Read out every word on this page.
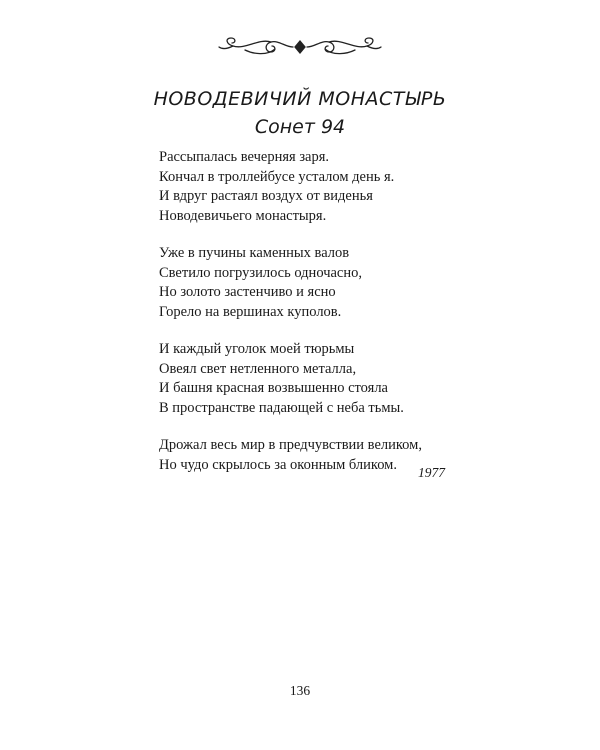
НОВОДЕВИЧИЙ МОНАСТЫРЬ
Сонет 94
Рассыпалась вечерняя заря.
Кончал в троллейбусе усталом день я.
И вдруг растаял воздух от виденья
Новодевичьего монастыря.
Уже в пучины каменных валов
Светило погрузилось одночасно,
Но золото застенчиво и ясно
Горело на вершинах куполов.
И каждый уголок моей тюрьмы
Овеял свет нетленного металла,
И башня красная возвышенно стояла
В пространстве падающей с неба тьмы.
Дрожал весь мир в предчувствии великом,
Но чудо скрылось за оконным бликом.	1977
136
